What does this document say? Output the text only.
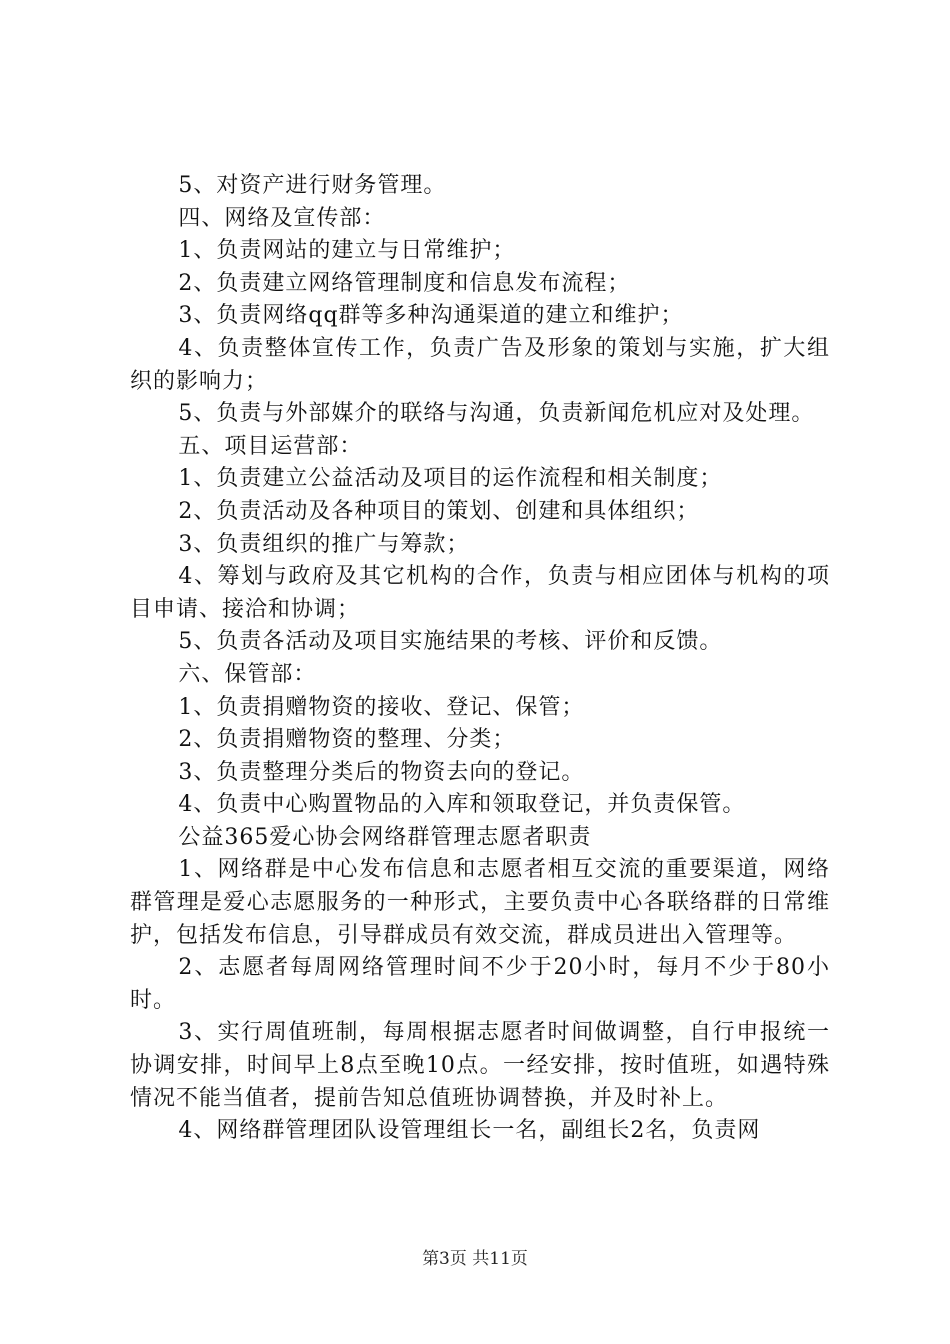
5、对资产进行财务管理。

四、网络及宣传部：

1、负责网站的建立与日常维护；

2、负责建立网络管理制度和信息发布流程；

3、负责网络qq群等多种沟通渠道的建立和维护；

4、负责整体宣传工作，负责广告及形象的策划与实施，扩大组织的影响力；

5、负责与外部媒介的联络与沟通，负责新闻危机应对及处理。

五、项目运营部：

1、负责建立公益活动及项目的运作流程和相关制度；

2、负责活动及各种项目的策划、创建和具体组织；

3、负责组织的推广与筹款；

4、筹划与政府及其它机构的合作，负责与相应团体与机构的项目申请、接洽和协调；

5、负责各活动及项目实施结果的考核、评价和反馈。

六、保管部：

1、负责捐赠物资的接收、登记、保管；

2、负责捐赠物资的整理、分类；

3、负责整理分类后的物资去向的登记。

4、负责中心购置物品的入库和领取登记，并负责保管。

公益365爱心协会网络群管理志愿者职责

1、网络群是中心发布信息和志愿者相互交流的重要渠道，网络群管理是爱心志愿服务的一种形式，主要负责中心各联络群的日常维护，包括发布信息，引导群成员有效交流，群成员进出入管理等。

2、志愿者每周网络管理时间不少于20小时，每月不少于80小时。

3、实行周值班制，每周根据志愿者时间做调整，自行申报统一协调安排，时间早上8点至晚10点。一经安排，按时值班，如遇特殊情况不能当值者，提前告知总值班协调替换，并及时补上。

4、网络群管理团队设管理组长一名，副组长2名，负责网

第3页 共11页
